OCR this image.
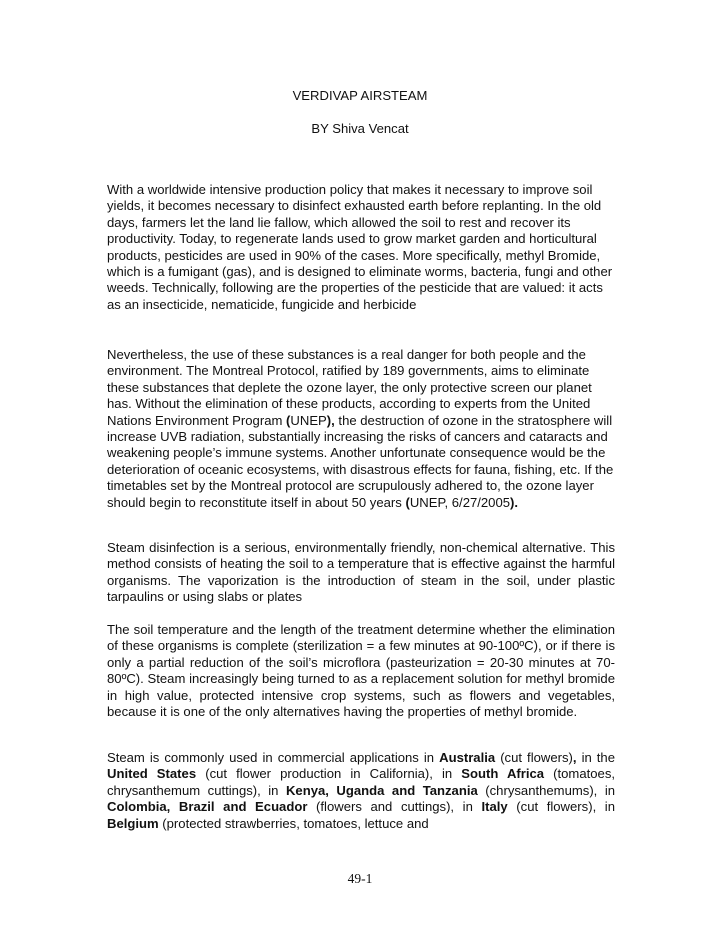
VERDIVAP AIRSTEAM
BY Shiva Vencat

With a worldwide intensive production policy that makes it necessary to improve soil yields, it becomes necessary to disinfect exhausted earth before replanting. In the old days, farmers let the land lie fallow, which allowed the soil to rest and recover its productivity. Today, to regenerate lands used to grow market garden and horticultural products, pesticides are used in 90% of the cases. More specifically, methyl Bromide, which is a fumigant (gas), and is designed to eliminate worms, bacteria, fungi and other weeds. Technically, following are the properties of the pesticide that are valued: it acts as an insecticide, nematicide, fungicide and herbicide

Nevertheless, the use of these substances is a real danger for both people and the environment. The Montreal Protocol, ratified by 189 governments, aims to eliminate these substances that deplete the ozone layer, the only protective screen our planet has. Without the elimination of these products, according to experts from the United Nations Environment Program (UNEP), the destruction of ozone in the stratosphere will increase UVB radiation, substantially increasing the risks of cancers and cataracts and weakening people’s immune systems. Another unfortunate consequence would be the deterioration of oceanic ecosystems, with disastrous effects for fauna, fishing, etc. If the timetables set by the Montreal protocol are scrupulously adhered to, the ozone layer should begin to reconstitute itself in about 50 years (UNEP, 6/27/2005).

Steam disinfection is a serious, environmentally friendly, non-chemical alternative. This method consists of heating the soil to a temperature that is effective against the harmful organisms. The vaporization is the introduction of steam in the soil, under plastic tarpaulins or using slabs or plates

The soil temperature and the length of the treatment determine whether the elimination of these organisms is complete (sterilization = a few minutes at 90-100ºC), or if there is only a partial reduction of the soil’s microflora (pasteurization = 20-30 minutes at 70-80ºC). Steam increasingly being turned to as a replacement solution for methyl bromide in high value, protected intensive crop systems, such as flowers and vegetables, because it is one of the only alternatives having the properties of methyl bromide.

Steam is commonly used in commercial applications in Australia (cut flowers), in the United States (cut flower production in California), in South Africa (tomatoes, chrysanthemum cuttings), in Kenya, Uganda and Tanzania (chrysanthemums), in Colombia, Brazil and Ecuador (flowers and cuttings), in Italy (cut flowers), in Belgium (protected strawberries, tomatoes, lettuce and

49-1
